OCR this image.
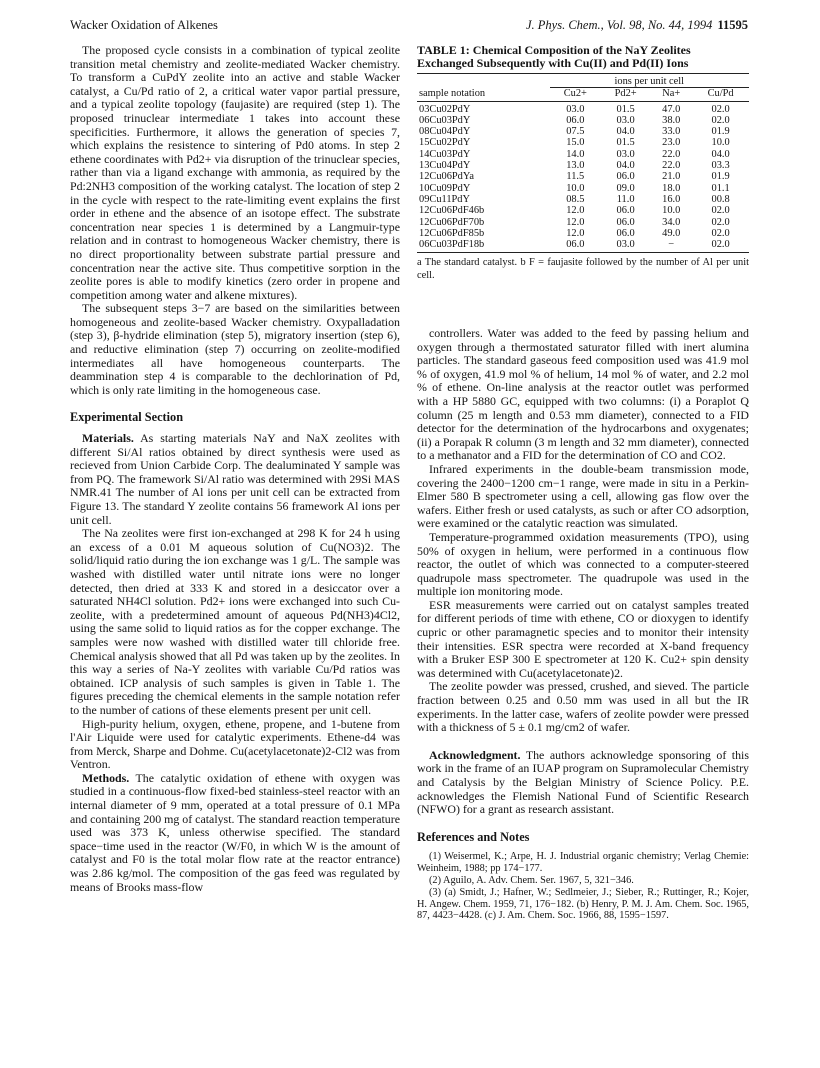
Wacker Oxidation of Alkenes	J. Phys. Chem., Vol. 98, No. 44, 1994 11595

The proposed cycle consists in a combination of typical zeolite transition metal chemistry and zeolite-mediated Wacker chemistry. To transform a CuPdY zeolite into an active and stable Wacker catalyst, a Cu/Pd ratio of 2, a critical water vapor partial pressure, and a typical zeolite topology (faujasite) are required (step 1). The proposed trinuclear intermediate 1 takes into account these specificities. Furthermore, it allows the generation of species 7, which explains the resistence to sintering of Pd0 atoms. In step 2 ethene coordinates with Pd2+ via disruption of the trinuclear species, rather than via a ligand exchange with ammonia, as required by the Pd:2NH3 composition of the working catalyst. The location of step 2 in the cycle with respect to the rate-limiting event explains the first order in ethene and the absence of an isotope effect. The substrate concentration near species 1 is determined by a Langmuir-type relation and in contrast to homogeneous Wacker chemistry, there is no direct proportionality between substrate partial pressure and concentration near the active site. Thus competitive sorption in the zeolite pores is able to modify kinetics (zero order in propene and competition among water and alkene mixtures).

The subsequent steps 3−7 are based on the similarities between homogeneous and zeolite-based Wacker chemistry. Oxypalladation (step 3), β-hydride elimination (step 5), migratory insertion (step 6), and reductive elimination (step 7) occurring on zeolite-modified intermediates all have homogeneous counterparts. The deammination step 4 is comparable to the dechlorination of Pd, which is only rate limiting in the homogeneous case.

Experimental Section

Materials. As starting materials NaY and NaX zeolites with different Si/Al ratios obtained by direct synthesis were used as recieved from Union Carbide Corp. The dealuminated Y sample was from PQ. The framework Si/Al ratio was determined with 29Si MAS NMR.41 The number of Al ions per unit cell can be extracted from Figure 13. The standard Y zeolite contains 56 framework Al ions per unit cell.

The Na zeolites were first ion-exchanged at 298 K for 24 h using an excess of a 0.01 M aqueous solution of Cu(NO3)2. The solid/liquid ratio during the ion exchange was 1 g/L. The sample was washed with distilled water until nitrate ions were no longer detected, then dried at 333 K and stored in a desiccator over a saturated NH4Cl solution. Pd2+ ions were exchanged into such Cu-zeolite, with a predetermined amount of aqueous Pd(NH3)4Cl2, using the same solid to liquid ratios as for the copper exchange. The samples were now washed with distilled water till chloride free. Chemical analysis showed that all Pd was taken up by the zeolites. In this way a series of Na-Y zeolites with variable Cu/Pd ratios was obtained. ICP analysis of such samples is given in Table 1. The figures preceding the chemical elements in the sample notation refer to the number of cations of these elements present per unit cell.

High-purity helium, oxygen, ethene, propene, and 1-butene from l'Air Liquide were used for catalytic experiments. Ethene-d4 was from Merck, Sharpe and Dohme. Cu(acetylacetonate)2-Cl2 was from Ventron.

Methods. The catalytic oxidation of ethene with oxygen was studied in a continuous-flow fixed-bed stainless-steel reactor with an internal diameter of 9 mm, operated at a total pressure of 0.1 MPa and containing 200 mg of catalyst. The standard reaction temperature used was 373 K, unless otherwise specified. The standard space−time used in the reactor (W/F0, in which W is the amount of catalyst and F0 is the total molar flow rate at the reactor entrance) was 2.86 kg/mol. The composition of the gas feed was regulated by means of Brooks mass-flow

TABLE 1: Chemical Composition of the NaY Zeolites Exchanged Subsequently with Cu(II) and Pd(II) Ions
	ions per unit cell			
sample notation	Cu2+	Pd2+	Na+	Cu/Pd
03Cu02PdY	03.0	01.5	47.0	02.0
06Cu03PdY	06.0	03.0	38.0	02.0
08Cu04PdY	07.5	04.0	33.0	01.9
15Cu02PdY	15.0	01.5	23.0	10.0
14Cu03PdY	14.0	03.0	22.0	04.0
13Cu04PdY	13.0	04.0	22.0	03.3
12Cu06PdYa	11.5	06.0	21.0	01.9
10Cu09PdY	10.0	09.0	18.0	01.1
09Cu11PdY	08.5	11.0	16.0	00.8
12Cu06PdF46b	12.0	06.0	10.0	02.0
12Cu06PdF70b	12.0	06.0	34.0	02.0
12Cu06PdF85b	12.0	06.0	49.0	02.0
06Cu03PdF18b	06.0	03.0	−	02.0
a The standard catalyst. b F = faujasite followed by the number of Al per unit cell.

controllers. Water was added to the feed by passing helium and oxygen through a thermostated saturator filled with inert alumina particles. The standard gaseous feed composition used was 41.9 mol % of oxygen, 41.9 mol % of helium, 14 mol % of water, and 2.2 mol % of ethene. On-line analysis at the reactor outlet was performed with a HP 5880 GC, equipped with two columns: (i) a Poraplot Q column (25 m length and 0.53 mm diameter), connected to a FID detector for the determination of the hydrocarbons and oxygenates; (ii) a Porapak R column (3 m length and 32 mm diameter), connected to a methanator and a FID for the determination of CO and CO2.

Infrared experiments in the double-beam transmission mode, covering the 2400−1200 cm−1 range, were made in situ in a Perkin-Elmer 580 B spectrometer using a cell, allowing gas flow over the wafers. Either fresh or used catalysts, as such or after CO adsorption, were examined or the catalytic reaction was simulated.

Temperature-programmed oxidation measurements (TPO), using 50% of oxygen in helium, were performed in a continuous flow reactor, the outlet of which was connected to a computer-steered quadrupole mass spectrometer. The quadrupole was used in the multiple ion monitoring mode.

ESR measurements were carried out on catalyst samples treated for different periods of time with ethene, CO or dioxygen to identify cupric or other paramagnetic species and to monitor their intensity their intensities. ESR spectra were recorded at X-band frequency with a Bruker ESP 300 E spectrometer at 120 K. Cu2+ spin density was determined with Cu(acetylacetonate)2.

The zeolite powder was pressed, crushed, and sieved. The particle fraction between 0.25 and 0.50 mm was used in all but the IR experiments. In the latter case, wafers of zeolite powder were pressed with a thickness of 5 ± 0.1 mg/cm2 of wafer.

Acknowledgment. The authors acknowledge sponsoring of this work in the frame of an IUAP program on Supramolecular Chemistry and Catalysis by the Belgian Ministry of Science Policy. P.E. acknowledges the Flemish National Fund of Scientific Research (NFWO) for a grant as research assistant.

References and Notes

(1) Weisermel, K.; Arpe, H. J. Industrial organic chemistry; Verlag Chemie: Weinheim, 1988; pp 174−177.

(2) Aguilo, A. Adv. Chem. Ser. 1967, 5, 321−346.

(3) (a) Smidt, J.; Hafner, W.; Sedlmeier, J.; Sieber, R.; Ruttinger, R.; Kojer, H. Angew. Chem. 1959, 71, 176−182. (b) Henry, P. M. J. Am. Chem. Soc. 1965, 87, 4423−4428. (c) J. Am. Chem. Soc. 1966, 88, 1595−1597.
